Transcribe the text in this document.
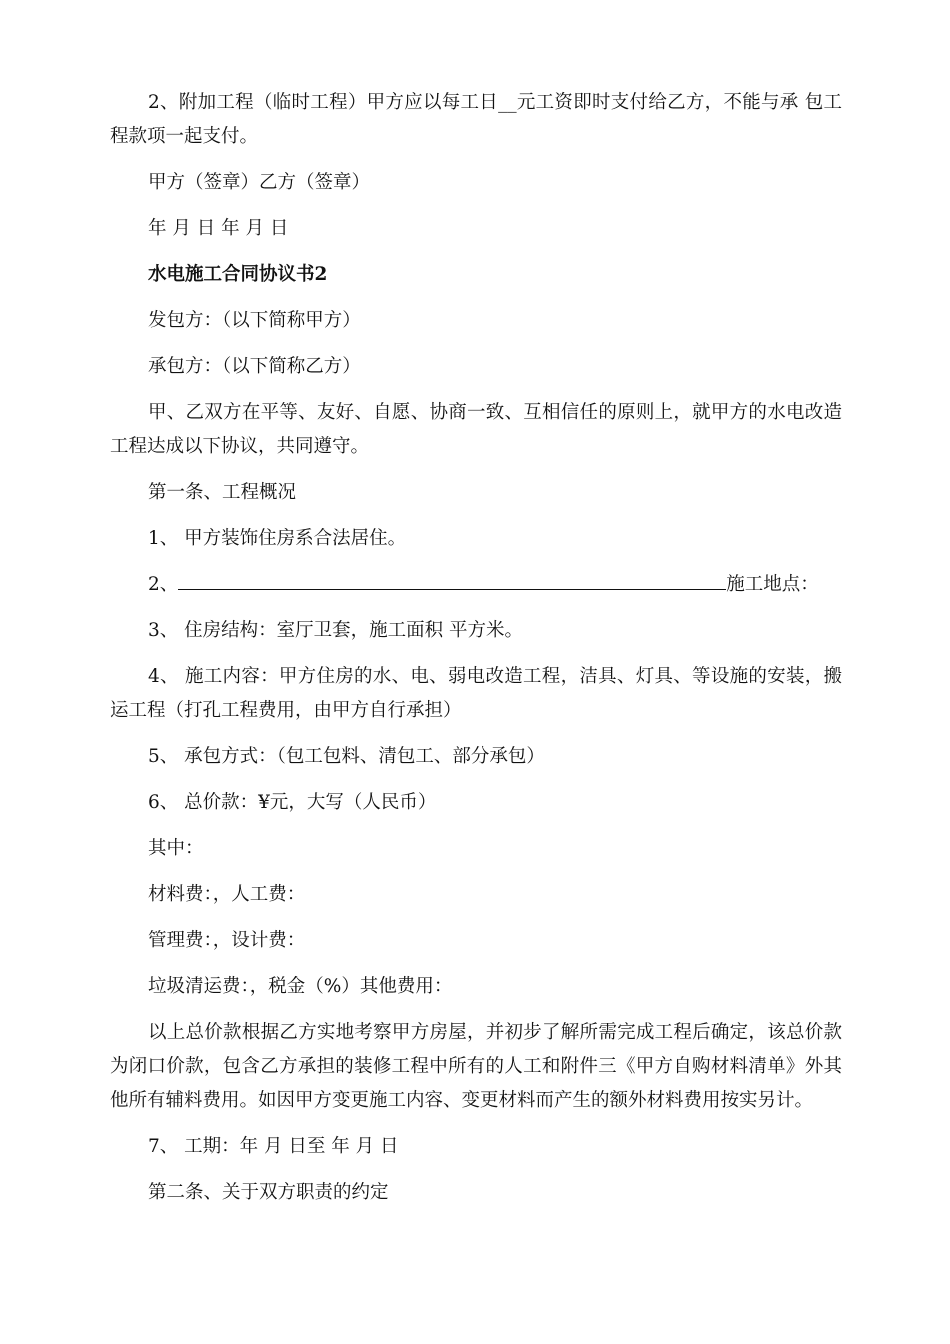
2、附加工程（临时工程）甲方应以每工日__元工资即时支付给乙方，不能与承 包工程款项一起支付。

甲方（签章）乙方（签章）

年 月 日 年 月 日

水电施工合同协议书2

发包方：（以下简称甲方）

承包方：（以下简称乙方）

甲、乙双方在平等、友好、自愿、协商一致、互相信任的原则上，就甲方的水电改造工程达成以下协议，共同遵守。

第一条、工程概况

1、 甲方装饰住房系合法居住。

2、	施工地点：

3、 住房结构：室厅卫套，施工面积 平方米。

4、 施工内容：甲方住房的水、电、弱电改造工程，洁具、灯具、等设施的安装，搬运工程（打孔工程费用，由甲方自行承担）

5、 承包方式：（包工包料、清包工、部分承包）

6、 总价款：¥元，大写（人民币）

其中：

材料费：，人工费：

管理费：，设计费：

垃圾清运费：，税金（%）其他费用：

以上总价款根据乙方实地考察甲方房屋，并初步了解所需完成工程后确定，该总价款为闭口价款，包含乙方承担的装修工程中所有的人工和附件三《甲方自购材料清单》外其他所有辅料费用。如因甲方变更施工内容、变更材料而产生的额外材料费用按实另计。

7、 工期：年 月 日至 年 月 日

第二条、关于双方职责的约定
